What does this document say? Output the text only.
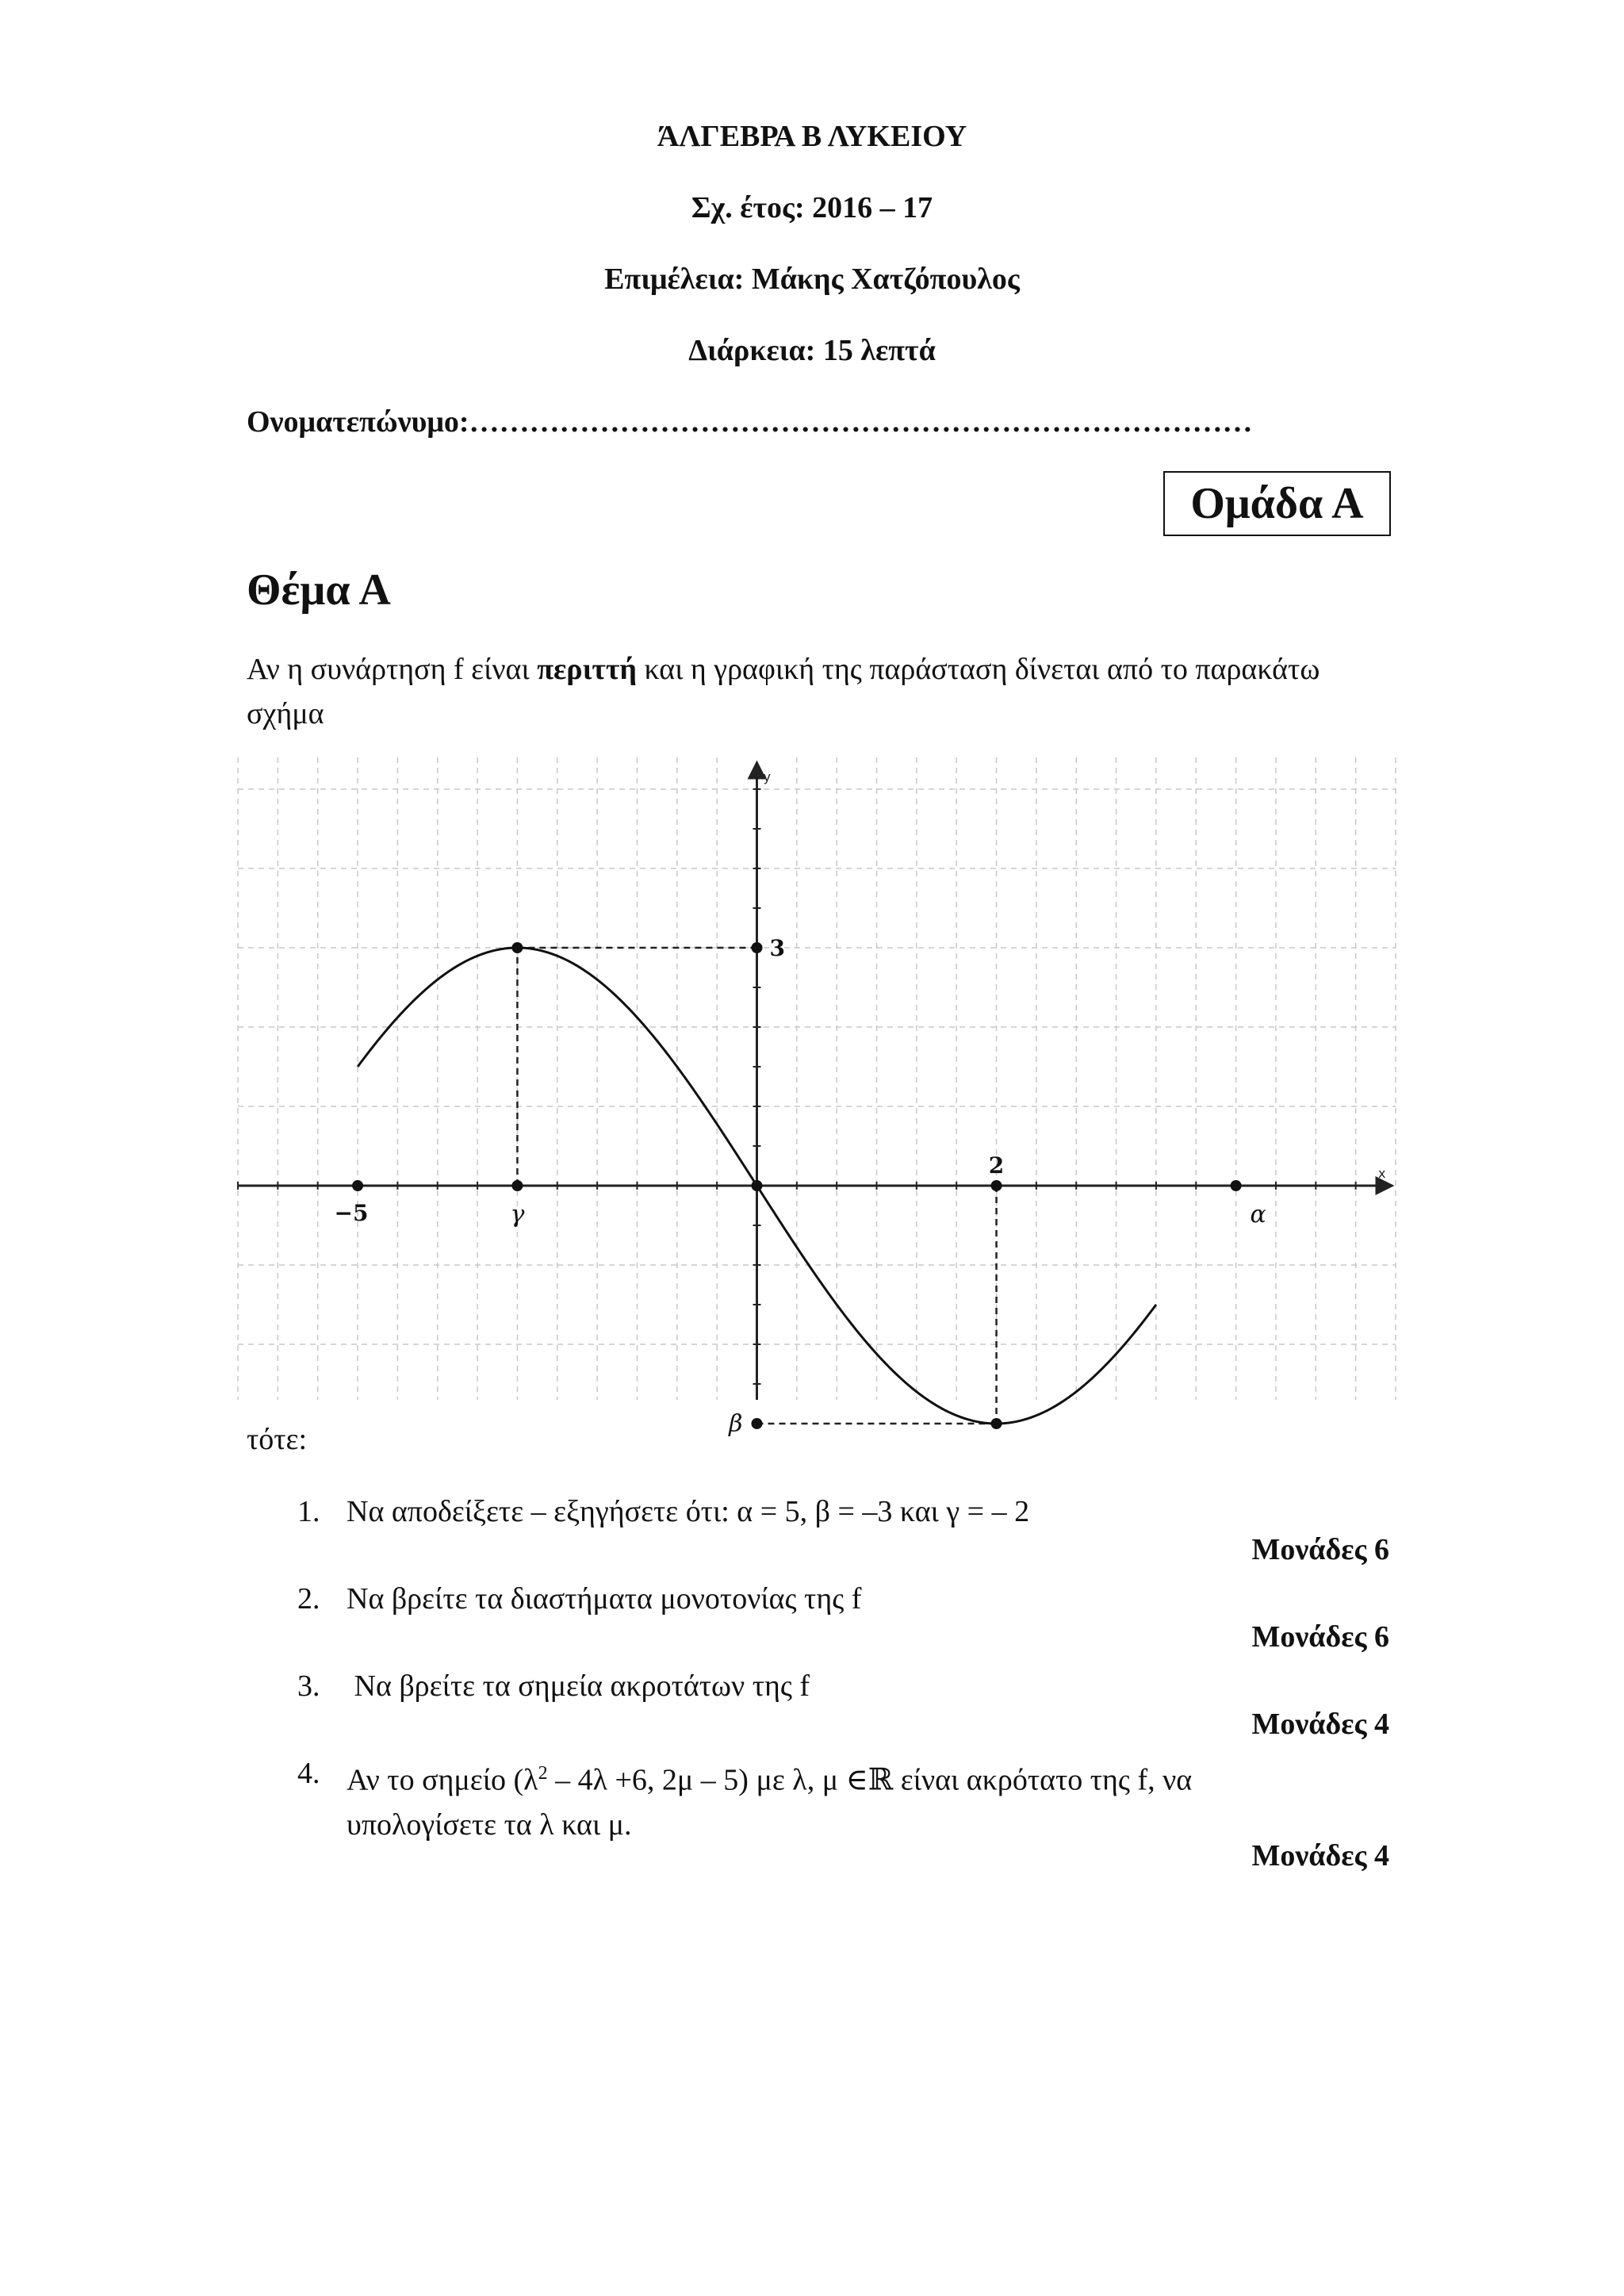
ΆΛΓΕΒΡΑ Β ΛΥΚΕΙΟΥ
Σχ. έτος: 2016 – 17
Επιμέλεια: Μάκης Χατζόπουλος
Διάρκεια: 15 λεπτά
Ονοματεπώνυμο:……………………………………………………………………
Ομάδα Α
Θέμα Α
Αν η συνάρτηση f είναι περιττή και η γραφική της παράσταση δίνεται από το παρακάτω σχήμα
x
y
−5	γ
2
α
3
β
τότε:
1. Να αποδείξετε – εξηγήσετε ότι: α = 5, β = –3 και γ = – 2
Μονάδες 6
2. Να βρείτε τα διαστήματα μονοτονίας της f
Μονάδες 6
3. Να βρείτε τα σημεία ακροτάτων της f
Μονάδες 4
4. Αν το σημείο ($\lambda^2 - 4\lambda +6$, 2μ – 5) με λ, μ ∈ℝ είναι ακρότατο της f, να υπολογίσετε τα λ και μ.
Μονάδες 4
